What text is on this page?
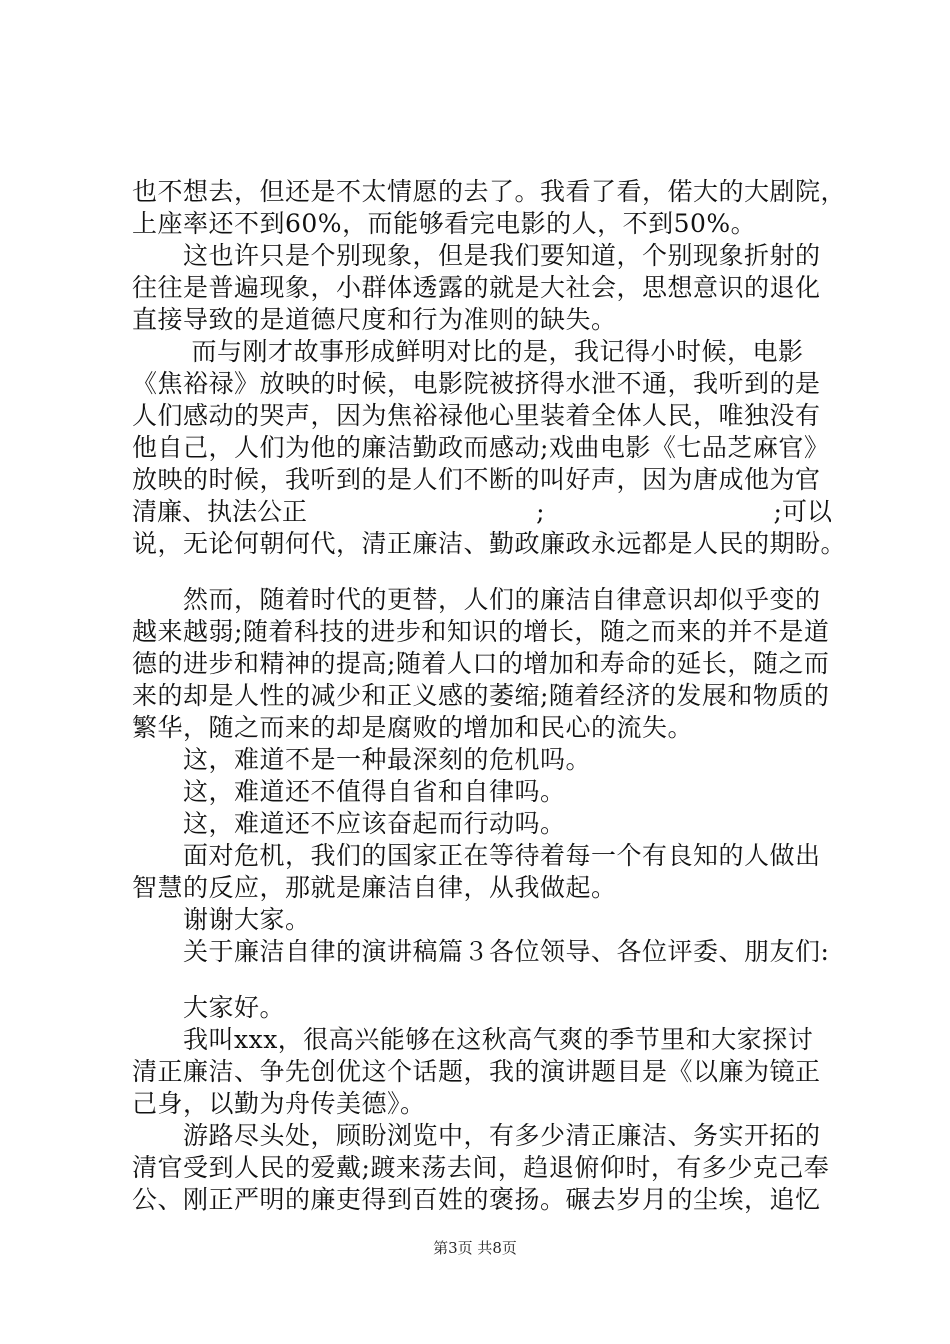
也不想去，但还是不太情愿的去了。我看了看，偌大的大剧院，
上座率还不到60%，而能够看完电影的人，不到50%。
　　这也许只是个别现象，但是我们要知道，个别现象折射的
往往是普遍现象，小群体透露的就是大社会，思想意识的退化
直接导致的是道德尺度和行为准则的缺失。
　　 而与刚才故事形成鲜明对比的是，我记得小时候，电影
《焦裕禄》放映的时候，电影院被挤得水泄不通，我听到的是
人们感动的哭声，因为焦裕禄他心里装着全体人民，唯独没有
他自己，人们为他的廉洁勤政而感动;戏曲电影《七品芝麻官》
放映的时候，我听到的是人们不断的叫好声，因为唐成他为官
清廉、执法公正	;	;可以
说，无论何朝何代，清正廉洁、勤政廉政永远都是人民的期盼。
　　然而，随着时代的更替，人们的廉洁自律意识却似乎变的
越来越弱;随着科技的进步和知识的增长，随之而来的并不是道
德的进步和精神的提高;随着人口的增加和寿命的延长，随之而
来的却是人性的减少和正义感的萎缩;随着经济的发展和物质的
繁华，随之而来的却是腐败的增加和民心的流失。
　　这，难道不是一种最深刻的危机吗。
　　这，难道还不值得自省和自律吗。
　　这，难道还不应该奋起而行动吗。
　　面对危机，我们的国家正在等待着每一个有良知的人做出
智慧的反应，那就是廉洁自律，从我做起。
　　谢谢大家。
　　关于廉洁自律的演讲稿篇３各位领导、各位评委、朋友们:
　　大家好。
　　我叫xxx，很高兴能够在这秋高气爽的季节里和大家探讨
清正廉洁、争先创优这个话题，我的演讲题目是《以廉为镜正
己身，以勤为舟传美德》。
　　游路尽头处，顾盼浏览中，有多少清正廉洁、务实开拓的
清官受到人民的爱戴;踱来荡去间，趋退俯仰时，有多少克己奉
公、刚正严明的廉吏得到百姓的褒扬。碾去岁月的尘埃，追忆
第3页 共8页
